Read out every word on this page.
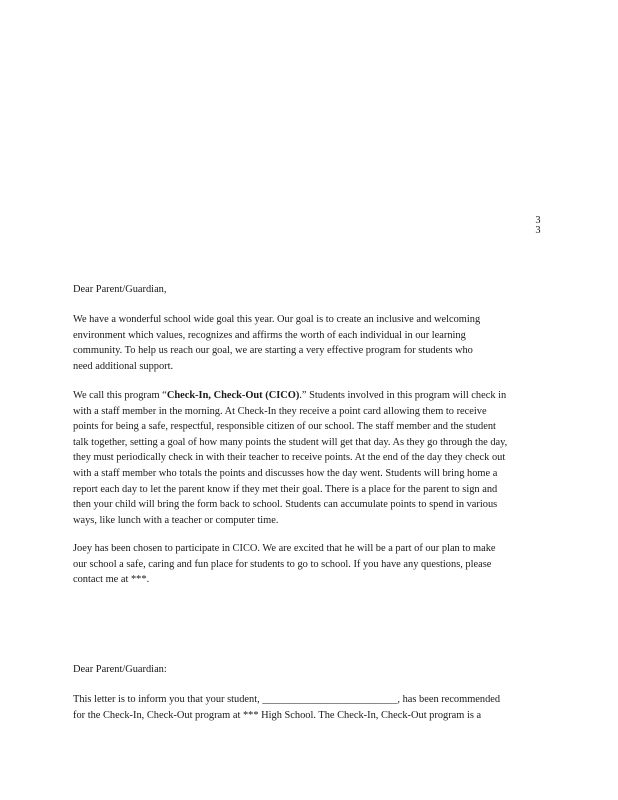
3
3
Dear Parent/Guardian,
We have a wonderful school wide goal this year. Our goal is to create an inclusive and welcoming
environment which values, recognizes and affirms the worth of each individual in our learning
community. To help us reach our goal, we are starting a very effective program for students who
need additional support.
We call this program “Check-In, Check-Out (CICO).” Students involved in this program will check in
with a staff member in the morning. At Check-In they receive a point card allowing them to receive
points for being a safe, respectful, responsible citizen of our school. The staff member and the student
talk together, setting a goal of how many points the student will get that day. As they go through the day,
they must periodically check in with their teacher to receive points. At the end of the day they check out
with a staff member who totals the points and discusses how the day went. Students will bring home a
report each day to let the parent know if they met their goal. There is a place for the parent to sign and
then your child will bring the form back to school. Students can accumulate points to spend in various
ways, like lunch with a teacher or computer time.
Joey has been chosen to participate in CICO. We are excited that he will be a part of our plan to make
our school a safe, caring and fun place for students to go to school. If you have any questions, please
contact me at ***.
Dear Parent/Guardian:
This letter is to inform you that your student, __________________________, has been recommended
for the Check-In, Check-Out program at *** High School. The Check-In, Check-Out program is a
